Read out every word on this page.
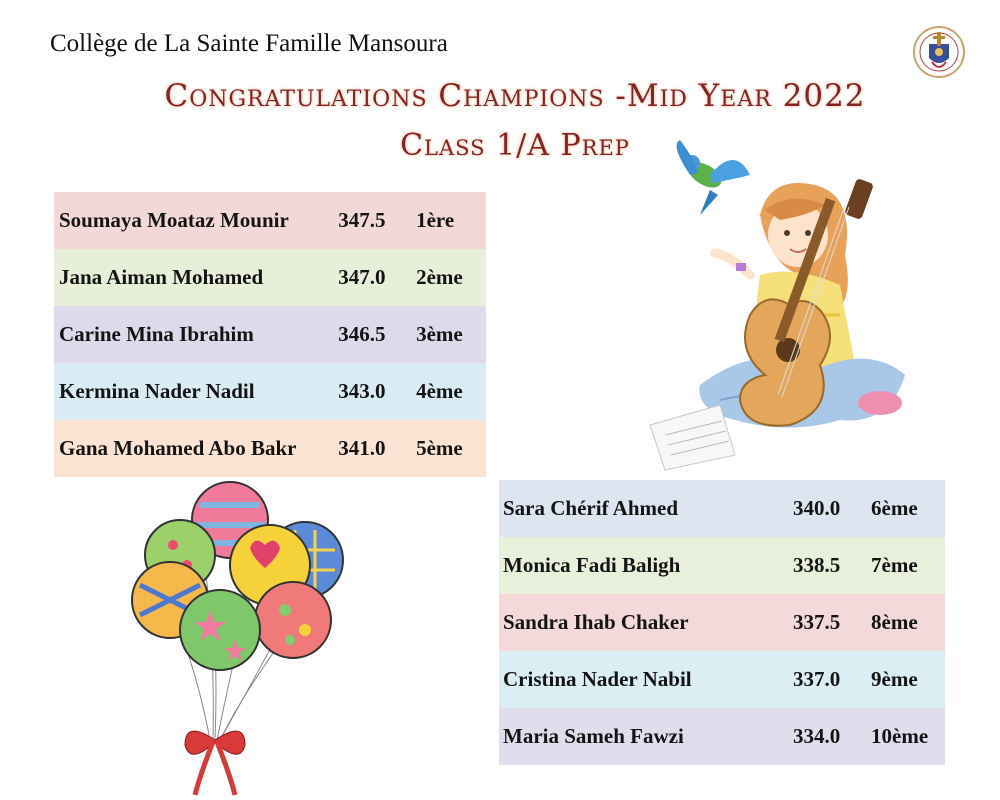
Collège de La Sainte Famille Mansoura
Congratulations Champions -Mid Year 2022
Class 1/A Prep
Soumaya Moataz Mounir	347.5	1ère
Jana Aiman Mohamed	347.0	2ème
Carine Mina Ibrahim	346.5	3ème
Kermina Nader Nadil	343.0	4ème
Gana Mohamed Abo Bakr	341.0	5ème
Sara Chérif Ahmed	340.0	6ème
Monica Fadi Baligh	338.5	7ème
Sandra Ihab Chaker	337.5	8ème
Cristina Nader Nabil	337.0	9ème
Maria Sameh Fawzi	334.0	10ème
